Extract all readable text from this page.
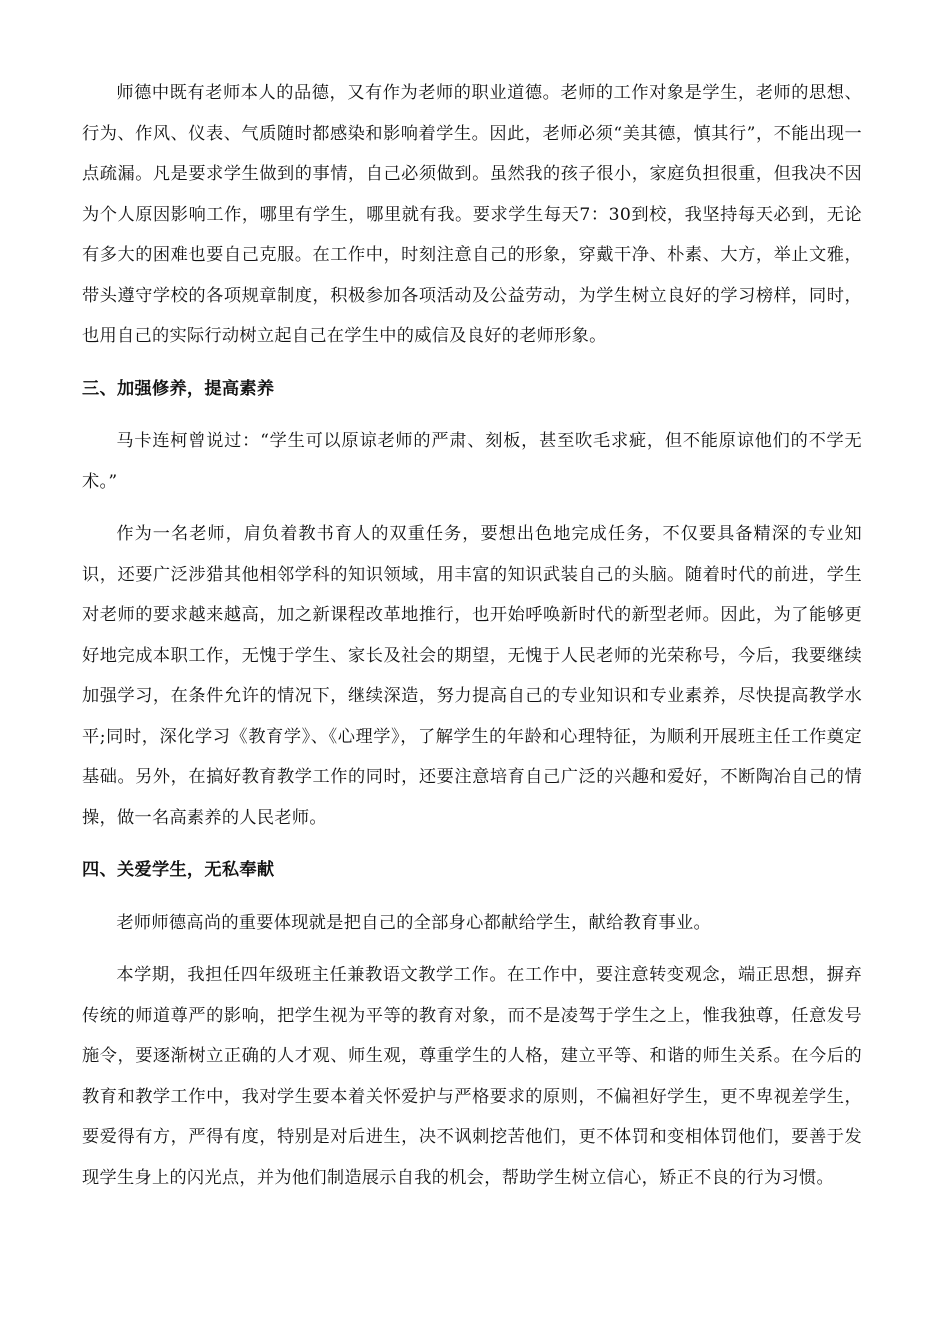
师德中既有老师本人的品德，又有作为老师的职业道德。老师的工作对象是学生，老师的思想、行为、作风、仪表、气质随时都感染和影响着学生。因此，老师必须“美其德，慎其行”，不能出现一点疏漏。凡是要求学生做到的事情，自己必须做到。虽然我的孩子很小，家庭负担很重，但我决不因为个人原因影响工作，哪里有学生，哪里就有我。要求学生每天7：30到校，我坚持每天必到，无论有多大的困难也要自己克服。在工作中，时刻注意自己的形象，穿戴干净、朴素、大方，举止文雅，带头遵守学校的各项规章制度，积极参加各项活动及公益劳动，为学生树立良好的学习榜样，同时，也用自己的实际行动树立起自己在学生中的威信及良好的老师形象。

三、加强修养，提高素养

马卡连柯曾说过：“学生可以原谅老师的严肃、刻板，甚至吹毛求疵，但不能原谅他们的不学无术。”

作为一名老师，肩负着教书育人的双重任务，要想出色地完成任务，不仅要具备精深的专业知识，还要广泛涉猎其他相邻学科的知识领域，用丰富的知识武装自己的头脑。随着时代的前进，学生对老师的要求越来越高，加之新课程改革地推行，也开始呼唤新时代的新型老师。因此，为了能够更好地完成本职工作，无愧于学生、家长及社会的期望，无愧于人民老师的光荣称号，今后，我要继续加强学习，在条件允许的情况下，继续深造，努力提高自己的专业知识和专业素养，尽快提高教学水平;同时，深化学习《教育学》、《心理学》，了解学生的年龄和心理特征，为顺利开展班主任工作奠定基础。另外，在搞好教育教学工作的同时，还要注意培育自己广泛的兴趣和爱好，不断陶冶自己的情操，做一名高素养的人民老师。

四、关爱学生，无私奉献

老师师德高尚的重要体现就是把自己的全部身心都献给学生，献给教育事业。

本学期，我担任四年级班主任兼教语文教学工作。在工作中，要注意转变观念，端正思想，摒弃传统的师道尊严的影响，把学生视为平等的教育对象，而不是凌驾于学生之上，惟我独尊，任意发号施令，要逐渐树立正确的人才观、师生观，尊重学生的人格，建立平等、和谐的师生关系。在今后的教育和教学工作中，我对学生要本着关怀爱护与严格要求的原则，不偏袒好学生，更不卑视差学生，要爱得有方，严得有度，特别是对后进生，决不讽刺挖苦他们，更不体罚和变相体罚他们，要善于发现学生身上的闪光点，并为他们制造展示自我的机会，帮助学生树立信心，矫正不良的行为习惯。
